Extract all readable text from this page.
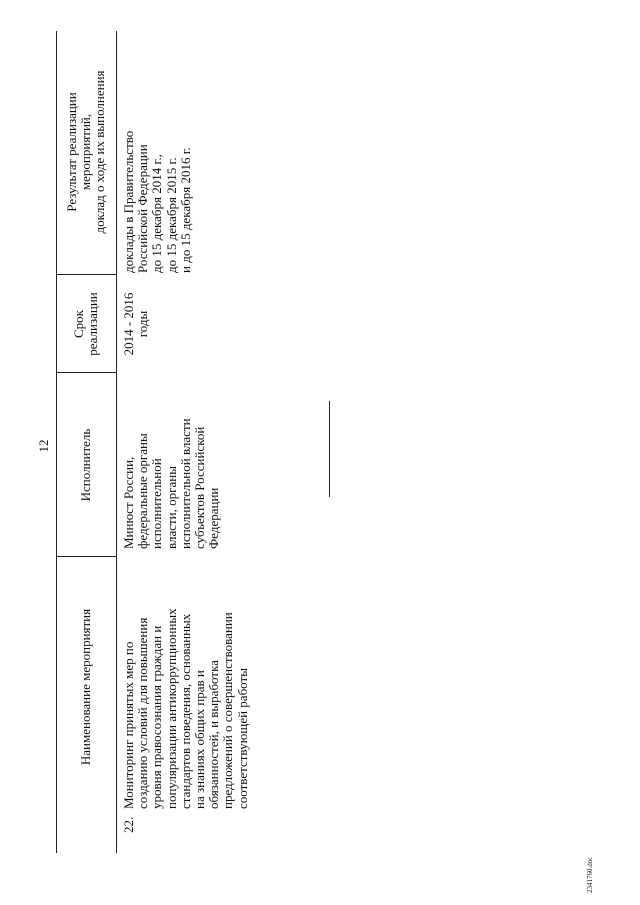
12
Наименование мероприятия
Исполнитель
Срок реализации
Результат реализации мероприятий, доклад о ходе их выполнения
22.
Мониторинг принятых мер по созданию условий для повышения уровня правосознания граждан и популяризации антикоррупционных стандартов поведения, основанных на знаниях общих прав и обязанностей, и выработка предложений о совершенствовании соответствующей работы
Минюст России, федеральные органы исполнительной власти, органы исполнительной власти субъектов Российской Федерации
2014 - 2016 годы
доклады в Правительство Российской Федерации до 15 декабря 2014 г., до 15 декабря 2015 г. и до 15 декабря 2016 г.
2341760.doc
